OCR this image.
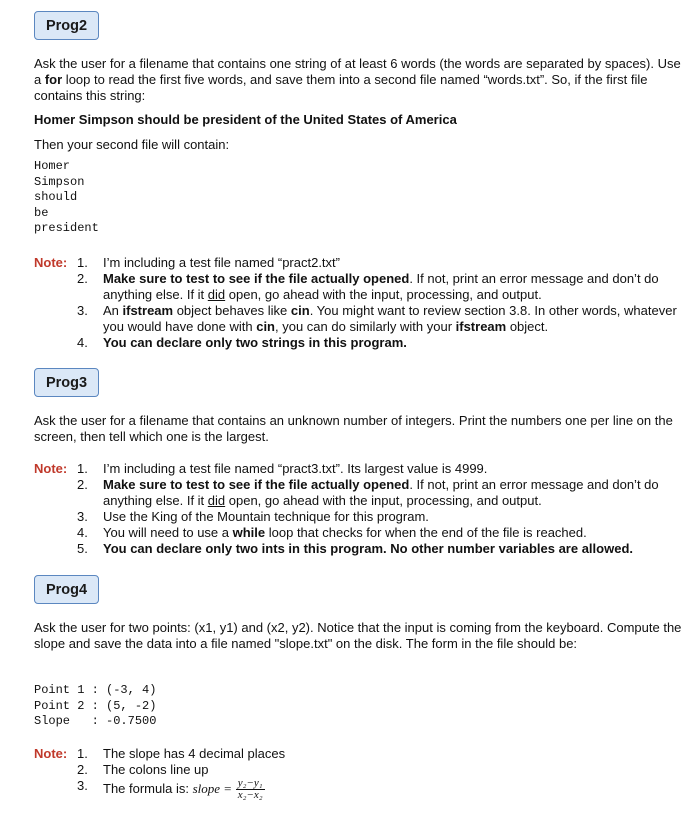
Prog2

Ask the user for a filename that contains one string of at least 6 words (the words are separated by spaces). Use a for loop to read the first five words, and save them into a second file named “words.txt”. So, if the first file contains this string:

Homer Simpson should be president of the United States of America

Then your second file will contain:

Homer
Simpson
should
be
president
Note: 1. I’m including a test file named “pract2.txt”
2. Make sure to test to see if the file actually opened. If not, print an error message and don’t do anything else. If it did open, go ahead with the input, processing, and output.
3. An ifstream object behaves like cin. You might want to review section 3.8. In other words, whatever you would have done with cin, you can do similarly with your ifstream object.
4. You can declare only two strings in this program.
Prog3

Ask the user for a filename that contains an unknown number of integers. Print the numbers one per line on the screen, then tell which one is the largest.

Note: 1. I’m including a test file named “pract3.txt”. Its largest value is 4999.
2. Make sure to test to see if the file actually opened. If not, print an error message and don’t do anything else. If it did open, go ahead with the input, processing, and output.
3. Use the King of the Mountain technique for this program.
4. You will need to use a while loop that checks for when the end of the file is reached.
5. You can declare only two ints in this program. No other number variables are allowed.
Prog4

Ask the user for two points: (x1, y1) and (x2, y2). Notice that the input is coming from the keyboard. Compute the slope and save the data into a file named "slope.txt" on the disk. The form in the file should be:

Point 1 : (-3, 4)
Point 2 : (5, -2)
Slope   : -0.7500
Note: 1. The slope has 4 decimal places
2. The colons line up
3. The formula is: slope = $\frac{\text{y₂−y₁}}{\text{x₂−x₂}}$
